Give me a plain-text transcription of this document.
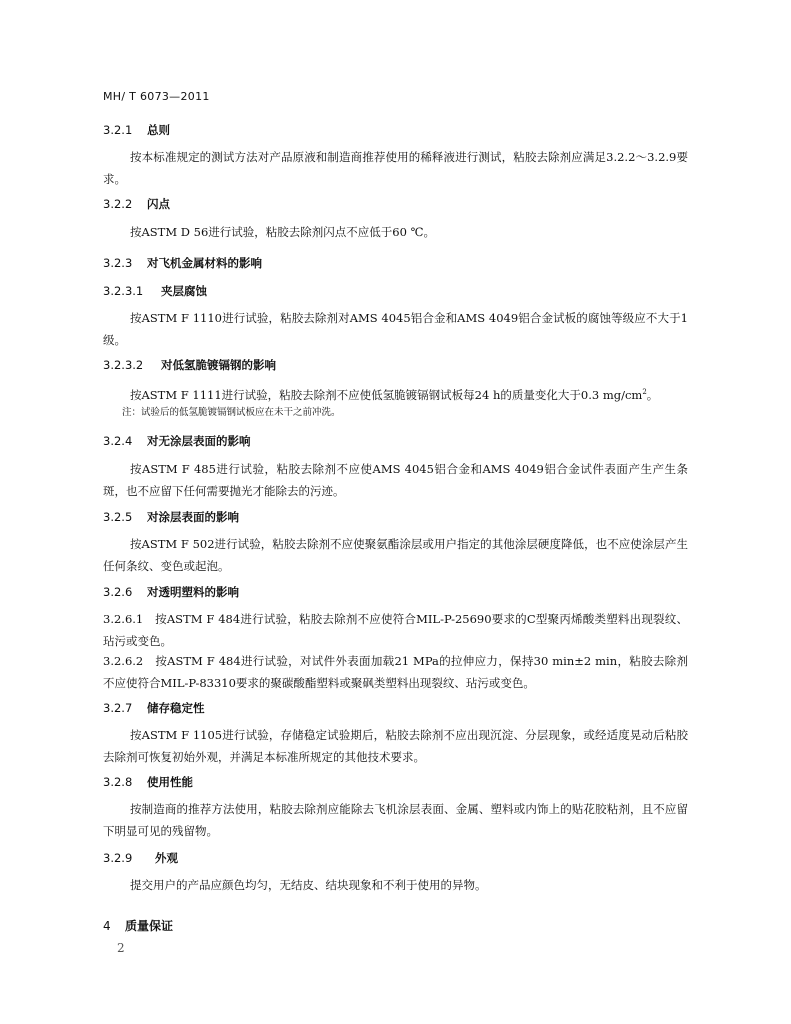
MH/ T 6073—2011
3.2.1 总则
按本标准规定的测试方法对产品原液和制造商推荐使用的稀释液进行测试，粘胶去除剂应满足3.2.2～3.2.9要求。
3.2.2 闪点
按ASTM D 56进行试验，粘胶去除剂闪点不应低于60 ℃。
3.2.3 对飞机金属材料的影响
3.2.3.1 夹层腐蚀
按ASTM F 1110进行试验，粘胶去除剂对AMS 4045铝合金和AMS 4049铝合金试板的腐蚀等级应不大于1级。
3.2.3.2 对低氢脆镀镉钢的影响
按ASTM F 1111进行试验，粘胶去除剂不应使低氢脆镀镉钢试板每24 h的质量变化大于0.3 $mg/cm^2$。
注：试验后的低氢脆镀镉钢试板应在未干之前冲洗。
3.2.4 对无涂层表面的影响
按ASTM F 485进行试验，粘胶去除剂不应使AMS 4045铝合金和AMS 4049铝合金试件表面产生产生条斑，也不应留下任何需要抛光才能除去的污迹。
3.2.5 对涂层表面的影响
按ASTM F 502进行试验，粘胶去除剂不应使聚氨酯涂层或用户指定的其他涂层硬度降低，也不应使涂层产生任何条纹、变色或起泡。
3.2.6 对透明塑料的影响
3.2.6.1　按ASTM F 484进行试验，粘胶去除剂不应使符合MIL-P-25690要求的C型聚丙烯酸类塑料出现裂纹、玷污或变色。
3.2.6.2　按ASTM F 484进行试验，对试件外表面加载21 MPa的拉伸应力，保持30 min±2 min，粘胶去除剂不应使符合MIL-P-83310要求的聚碳酸酯塑料或聚砜类塑料出现裂纹、玷污或变色。
3.2.7 储存稳定性
按ASTM F 1105进行试验，存储稳定试验期后，粘胶去除剂不应出现沉淀、分层现象，或经适度晃动后粘胶去除剂可恢复初始外观，并满足本标准所规定的其他技术要求。
3.2.8 使用性能
按制造商的推荐方法使用，粘胶去除剂应能除去飞机涂层表面、金属、塑料或内饰上的贴花胶粘剂，且不应留下明显可见的残留物。
3.2.9 外观
提交用户的产品应颜色均匀，无结皮、结块现象和不利于使用的异物。
4 质量保证
2
